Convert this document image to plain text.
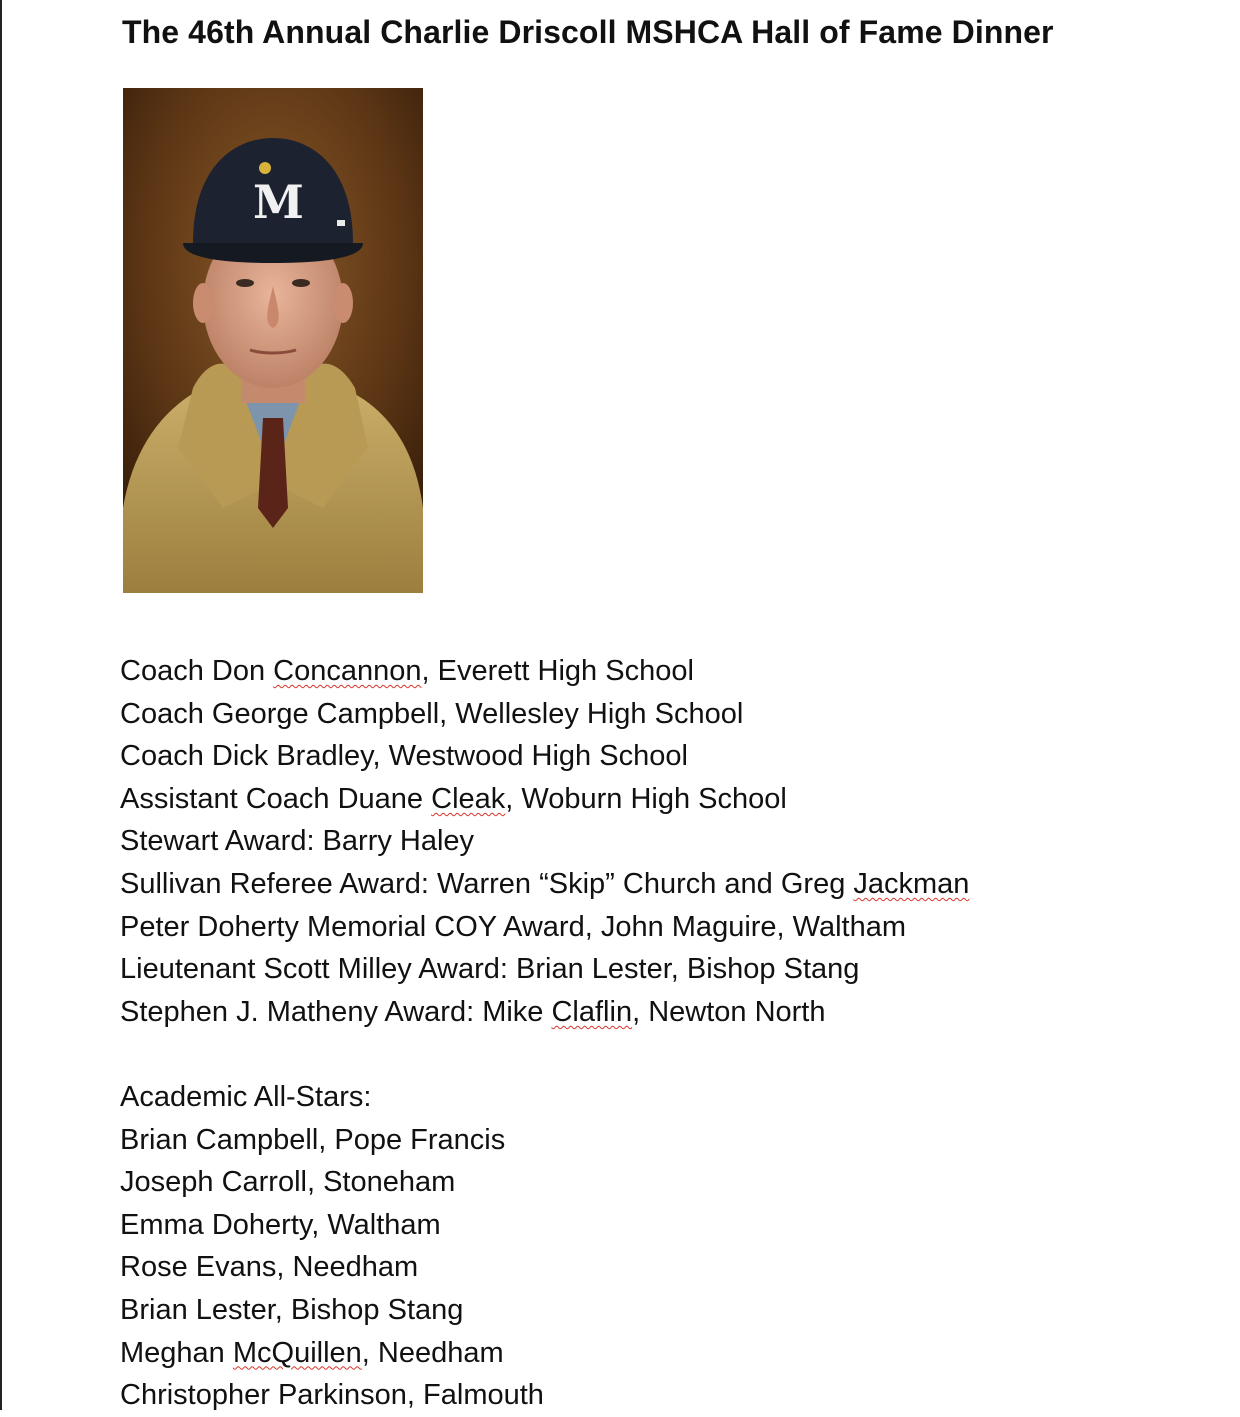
The 46th Annual Charlie Driscoll MSHCA Hall of Fame Dinner
M
Coach Don Concannon, Everett High School
Coach George Campbell, Wellesley High School
Coach Dick Bradley, Westwood High School
Assistant Coach Duane Cleak, Woburn High School
Stewart Award: Barry Haley
Sullivan Referee Award: Warren “Skip” Church and Greg Jackman
Peter Doherty Memorial COY Award, John Maguire, Waltham
Lieutenant Scott Milley Award: Brian Lester, Bishop Stang
Stephen J. Matheny Award: Mike Claflin, Newton North
Academic All-Stars:
Brian Campbell, Pope Francis
Joseph Carroll, Stoneham
Emma Doherty, Waltham
Rose Evans, Needham
Brian Lester, Bishop Stang
Meghan McQuillen, Needham
Christopher Parkinson, Falmouth
